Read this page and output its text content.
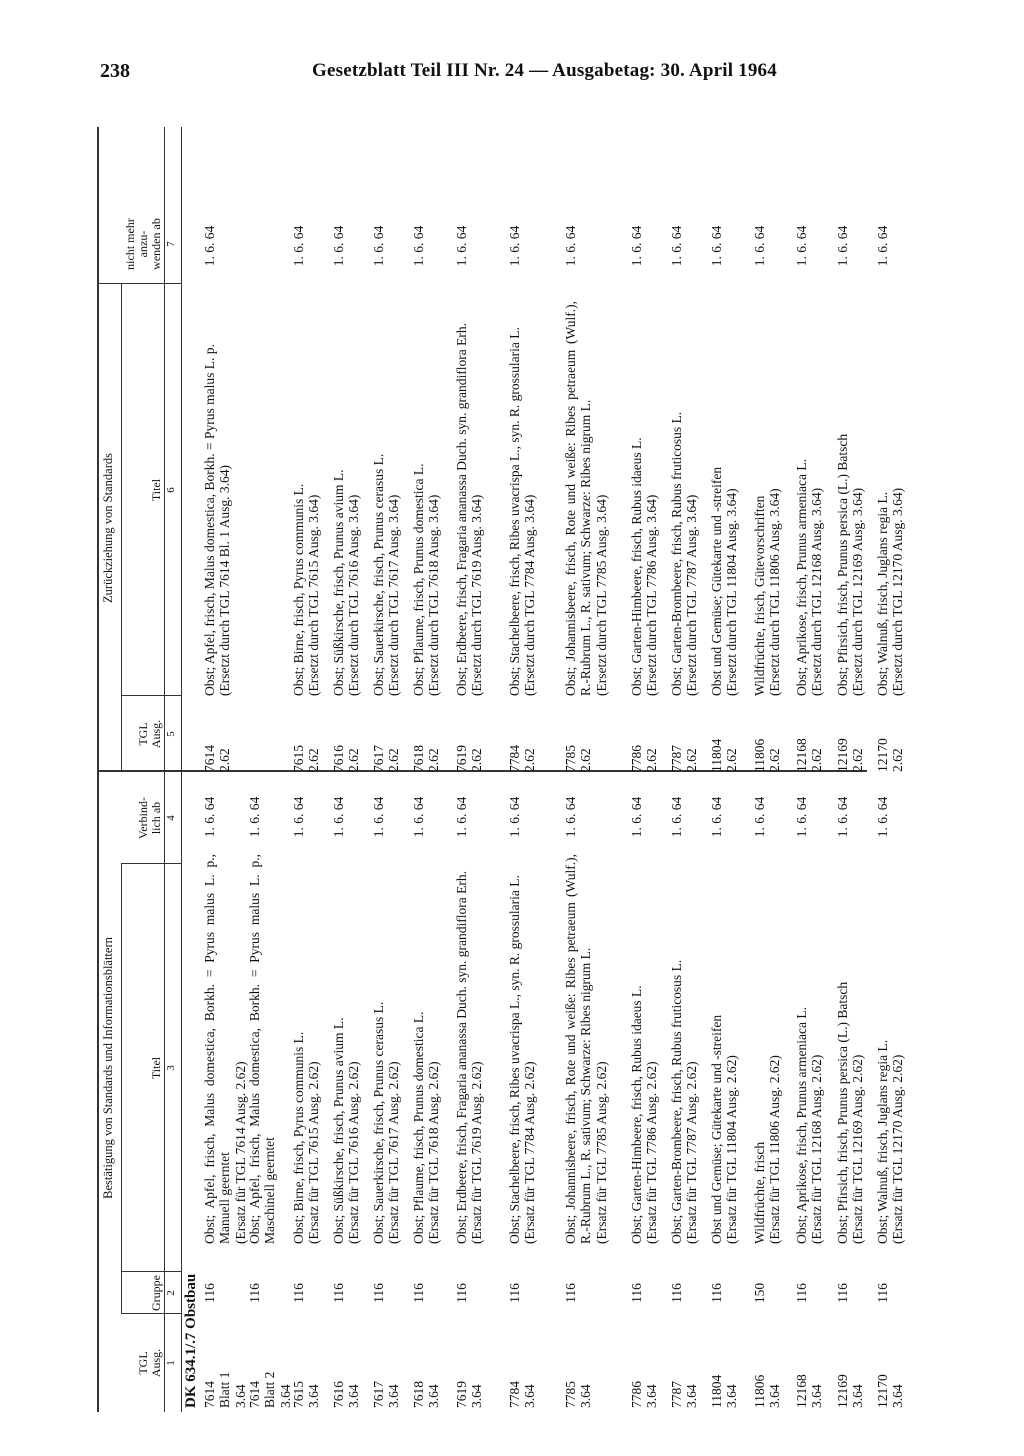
238	Gesetzblatt Teil III Nr. 24 — Ausgabetag: 30. April 1964
Bestätigung von Standards und Informationsblättern
Zurückziehung von Standards
TGL
Ausg.
Gruppe
Titel
Verbind-
lich ab
TGL
Ausg.
Titel
nicht mehr
anzu-
wenden ab
1
2
3
4
5
6
7
DK 634.1/.7 Obstbau 7614
Blatt 1
3.64
116
Obst; Apfel, frisch, Malus domestica, Borkh. = Pyrus malus L. p., Manuell geerntet (Ersatz für TGL 7614 Ausg. 2.62)
1. 6. 64
7614
2.62
Obst; Apfel, frisch, Malus domestica, Borkh. = Pyrus malus L. p. (Ersetzt durch TGL 7614 Bl. 1 Ausg. 3.64)
1. 6. 64
7614
Blatt 2
3.64
116
Obst; Apfel, frisch, Malus domestica, Borkh. = Pyrus malus L. p., Maschinell geerntet
1. 6. 64
7615
3.64
116
Obst; Birne, frisch, Pyrus communis L. (Ersatz für TGL 7615 Ausg. 2.62)
1. 6. 64
7615
2.62
Obst; Birne, frisch, Pyrus communis L. (Ersetzt durch TGL 7615 Ausg. 3.64)
1. 6. 64
7616
3.64
116
Obst; Süßkirsche, frisch, Prunus avium L. (Ersatz für TGL 7616 Ausg. 2.62)
1. 6. 64
7616
2.62
Obst; Süßkirsche, frisch, Prunus avium L. (Ersetzt durch TGL 7616 Ausg. 3.64)
1. 6. 64
7617
3.64
116
Obst; Sauerkirsche, frisch, Prunus cerasus L. (Ersatz für TGL 7617 Ausg. 2.62)
1. 6. 64
7617
2.62
Obst; Sauerkirsche, frisch, Prunus cerasus L. (Ersetzt durch TGL 7617 Ausg. 3.64)
1. 6. 64
7618
3.64
116
Obst; Pflaume, frisch, Prunus domestica L. (Ersatz für TGL 7618 Ausg. 2.62)
1. 6. 64
7618
2.62
Obst; Pflaume, frisch, Prunus domestica L. (Ersetzt durch TGL 7618 Ausg. 3.64)
1. 6. 64
7619
3.64
116
Obst; Erdbeere, frisch, Fragaria ananassa Duch. syn. grandiflora Erh. (Ersatz für TGL 7619 Ausg. 2.62)
1. 6. 64
7619
2.62
Obst; Erdbeere, frisch, Fragaria ananassa Duch. syn. grandiflora Erh. (Ersetzt durch TGL 7619 Ausg. 3.64)
1. 6. 64
7784
3.64
116
Obst; Stachelbeere, frisch, Ribes uvacrispa L., syn. R. grossularia L. (Ersatz für TGL 7784 Ausg. 2.62)
1. 6. 64
7784
2.62
Obst; Stachelbeere, frisch, Ribes uvacrispa L., syn. R. grossularia L. (Ersetzt durch TGL 7784 Ausg. 3.64)
1. 6. 64
7785
3.64
116
Obst; Johannisbeere, frisch, Rote und weiße: Ribes petraeum (Wulf.), R.-Rubrum L., R. sativum; Schwarze: Ribes nigrum L. (Ersatz für TGL 7785 Ausg. 2.62)
1. 6. 64
7785
2.62
Obst; Johannisbeere, frisch, Rote und weiße: Ribes petraeum (Wulf.), R.-Rubrum L., R. sativum; Schwarze: Ribes nigrum L. (Ersetzt durch TGL 7785 Ausg. 3.64)
1. 6. 64
7786
3.64
116
Obst; Garten-Himbeere, frisch, Rubus idaeus L. (Ersatz für TGL 7786 Ausg. 2.62)
1. 6. 64
7786
2.62
Obst; Garten-Himbeere, frisch, Rubus idaeus L. (Ersetzt durch TGL 7786 Ausg. 3.64)
1. 6. 64
7787
3.64
116
Obst; Garten-Brombeere, frisch, Rubus fruticosus L. (Ersatz für TGL 7787 Ausg. 2.62)
1. 6. 64
7787
2.62
Obst; Garten-Brombeere, frisch, Rubus fruticosus L. (Ersetzt durch TGL 7787 Ausg. 3.64)
1. 6. 64
11804
3.64
116
Obst und Gemüse; Gütekarte und -streifen (Ersatz für TGL 11804 Ausg. 2.62)
1. 6. 64
11804
2.62
Obst und Gemüse; Gütekarte und -streifen (Ersetzt durch TGL 11804 Ausg. 3.64)
1. 6. 64
11806
3.64
150
Wildfrüchte, frisch (Ersatz für TGL 11806 Ausg. 2.62)
1. 6. 64
11806
2.62
Wildfrüchte, frisch, Gütevorschriften (Ersetzt durch TGL 11806 Ausg. 3.64)
1. 6. 64
12168
3.64
116
Obst; Aprikose, frisch, Prunus armeniaca L. (Ersatz für TGL 12168 Ausg. 2.62)
1. 6. 64
12168
2.62
Obst; Aprikose, frisch, Prunus armeniaca L. (Ersetzt durch TGL 12168 Ausg. 3.64)
1. 6. 64
12169
3.64
116
Obst; Pfirsich, frisch, Prunus persica (L.) Batsch (Ersatz für TGL 12169 Ausg. 2.62)
1. 6. 64
12169
2.62
Obst; Pfirsich, frisch, Prunus persica (L.) Batsch (Ersetzt durch TGL 12169 Ausg. 3.64)
1. 6. 64
12170
3.64
116
Obst; Walnuß, frisch, Juglans regia L. (Ersatz für TGL 12170 Ausg. 2.62)
1. 6. 64
12170
2.62
Obst; Walnuß, frisch, Juglans regia L. (Ersetzt durch TGL 12170 Ausg. 3.64)
1. 6. 64
